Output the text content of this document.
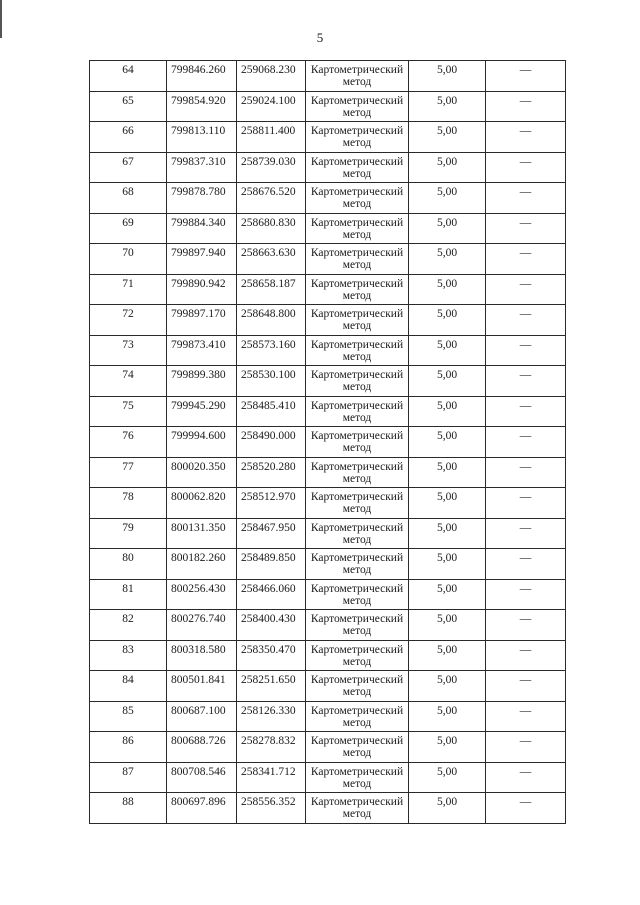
5
64	799846.260	259068.230	Картометрический
метод	5,00	—

65	799854.920	259024.100	Картометрический
метод	5,00	—

66	799813.110	258811.400	Картометрический
метод	5,00	—

67	799837.310	258739.030	Картометрический
метод	5,00	—

68	799878.780	258676.520	Картометрический
метод	5,00	—

69	799884.340	258680.830	Картометрический
метод	5,00	—

70	799897.940	258663.630	Картометрический
метод	5,00	—

71	799890.942	258658.187	Картометрический
метод	5,00	—

72	799897.170	258648.800	Картометрический
метод	5,00	—

73	799873.410	258573.160	Картометрический
метод	5,00	—

74	799899.380	258530.100	Картометрический
метод	5,00	—

75	799945.290	258485.410	Картометрический
метод	5,00	—

76	799994.600	258490.000	Картометрический
метод	5,00	—

77	800020.350	258520.280	Картометрический
метод	5,00	—

78	800062.820	258512.970	Картометрический
метод	5,00	—

79	800131.350	258467.950	Картометрический
метод	5,00	—

80	800182.260	258489.850	Картометрический
метод	5,00	—

81	800256.430	258466.060	Картометрический
метод	5,00	—

82	800276.740	258400.430	Картометрический
метод	5,00	—

83	800318.580	258350.470	Картометрический
метод	5,00	—

84	800501.841	258251.650	Картометрический
метод	5,00	—

85	800687.100	258126.330	Картометрический
метод	5,00	—

86	800688.726	258278.832	Картометрический
метод	5,00	—

87	800708.546	258341.712	Картометрический
метод	5,00	—

88	800697.896	258556.352	Картометрический
метод	5,00	—
